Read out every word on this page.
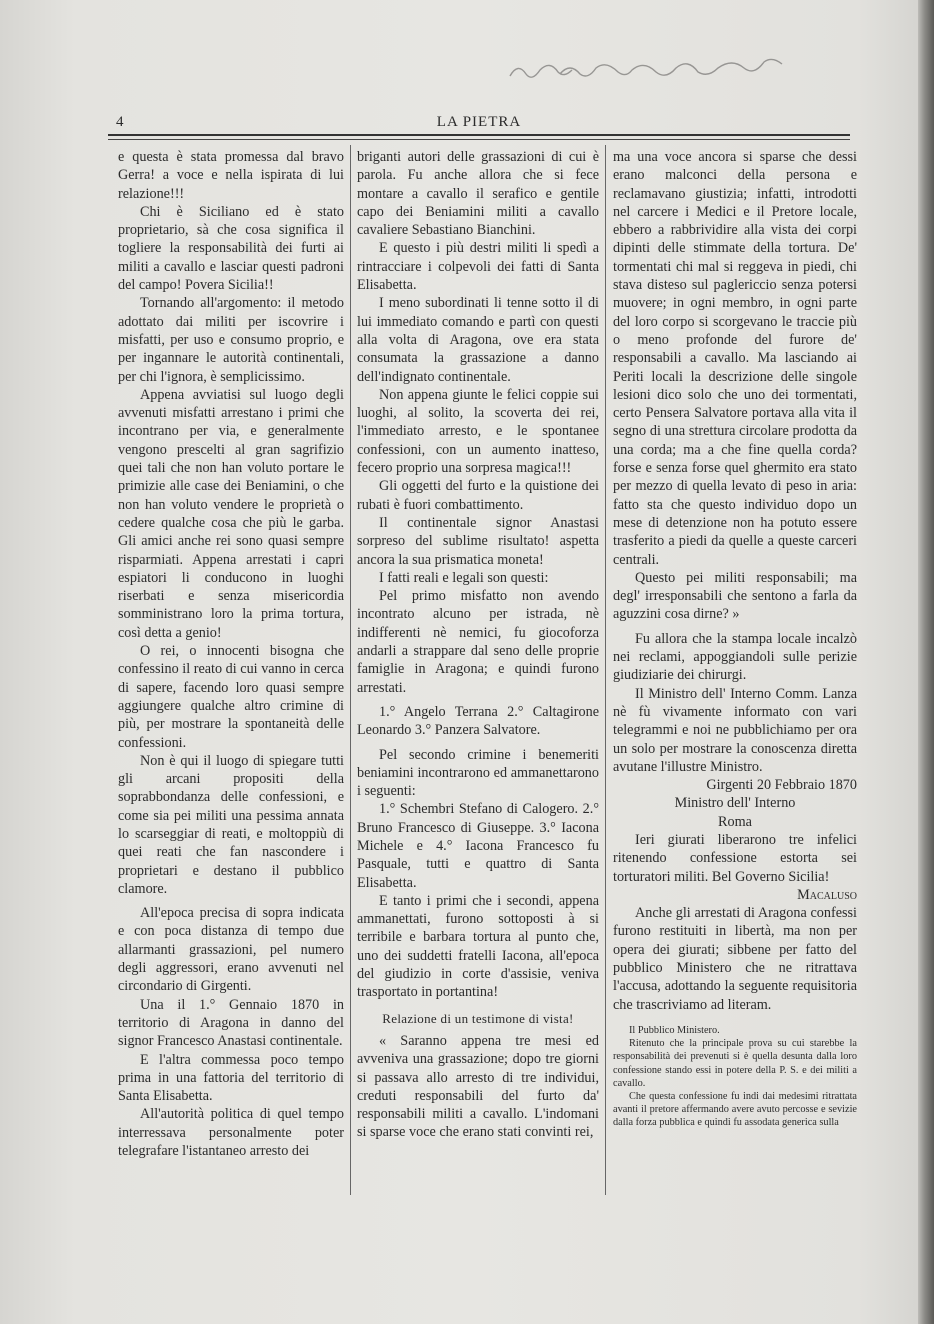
4	LA PIETRA

e questa è stata promessa dal bravo Gerra! a voce e nella ispirata di lui relazione!!!

Chi è Siciliano ed è stato proprietario, sà che cosa significa il togliere la responsabilità dei furti ai militi a cavallo e lasciar questi padroni del campo! Povera Sicilia!!

Tornando all'argomento: il metodo adottato dai militi per iscovrire i misfatti, per uso e consumo proprio, e per ingannare le autorità continentali, per chi l'ignora, è semplicissimo.

Appena avviatisi sul luogo degli avvenuti misfatti arrestano i primi che incontrano per via, e generalmente vengono prescelti al gran sagrifizio quei tali che non han voluto portare le primizie alle case dei Beniamini, o che non han voluto vendere le proprietà o cedere qualche cosa che più le garba. Gli amici anche rei sono quasi sempre risparmiati. Appena arrestati i capri espiatori li conducono in luoghi riserbati e senza misericordia somministrano loro la prima tortura, così detta a genio!

O rei, o innocenti bisogna che confessino il reato di cui vanno in cerca di sapere, facendo loro quasi sempre aggiungere qualche altro crimine di più, per mostrare la spontaneità delle confessioni.

Non è qui il luogo di spiegare tutti gli arcani propositi della soprabbondanza delle confessioni, e come sia pei militi una pessima annata lo scarseggiar di reati, e moltoppiù di quei reati che fan nascondere i proprietari e destano il pubblico clamore.

All'epoca precisa di sopra indicata e con poca distanza di tempo due allarmanti grassazioni, pel numero degli aggressori, erano avvenuti nel circondario di Girgenti.

Una il 1.° Gennaio 1870 in territorio di Aragona in danno del signor Francesco Anastasi continentale.

E l'altra commessa poco tempo prima in una fattoria del territorio di Santa Elisabetta.

All'autorità politica di quel tempo interressava personalmente poter telegrafare l'istantaneo arresto dei

briganti autori delle grassazioni di cui è parola. Fu anche allora che si fece montare a cavallo il serafico e gentile capo dei Beniamini militi a cavallo cavaliere Sebastiano Bianchini.

E questo i più destri militi li spedì a rintracciare i colpevoli dei fatti di Santa Elisabetta.

I meno subordinati li tenne sotto il di lui immediato comando e partì con questi alla volta di Aragona, ove era stata consumata la grassazione a danno dell'indignato continentale.

Non appena giunte le felici coppie sui luoghi, al solito, la scoverta dei rei, l'immediato arresto, e le spontanee confessioni, con un aumento inatteso, fecero proprio una sorpresa magica!!!

Gli oggetti del furto e la quistione dei rubati è fuori combattimento.

Il continentale signor Anastasi sorpreso del sublime risultato! aspetta ancora la sua prismatica moneta!

I fatti reali e legali son questi:

Pel primo misfatto non avendo incontrato alcuno per istrada, nè indifferenti nè nemici, fu giocoforza andarli a strappare dal seno delle proprie famiglie in Aragona; e quindi furono arrestati.

1.° Angelo Terrana 2.° Caltagirone Leonardo 3.° Panzera Salvatore.

Pel secondo crimine i benemeriti beniamini incontrarono ed ammanettarono i seguenti:

1.° Schembri Stefano di Calogero. 2.° Bruno Francesco di Giuseppe. 3.° Iacona Michele e 4.° Iacona Francesco fu Pasquale, tutti e quattro di Santa Elisabetta.

E tanto i primi che i secondi, appena ammanettati, furono sottoposti à si terribile e barbara tortura al punto che, uno dei suddetti fratelli Iacona, all'epoca del giudizio in corte d'assisie, veniva trasportato in portantina!

Relazione di un testimone di vista!

« Saranno appena tre mesi ed avveniva una grassazione; dopo tre giorni si passava allo arresto di tre individui, creduti responsabili del furto da' responsabili militi a cavallo. L'indomani si sparse voce che erano stati convinti rei,

ma una voce ancora si sparse che dessi erano malconci della persona e reclamavano giustizia; infatti, introdotti nel carcere i Medici e il Pretore locale, ebbero a rabbrividire alla vista dei corpi dipinti delle stimmate della tortura. De' tormentati chi mal si reggeva in piedi, chi stava disteso sul paglericcio senza potersi muovere; in ogni membro, in ogni parte del loro corpo si scorgevano le traccie più o meno profonde del furore de' responsabili a cavallo. Ma lasciando ai Periti locali la descrizione delle singole lesioni dico solo che uno dei tormentati, certo Pensera Salvatore portava alla vita il segno di una strettura circolare prodotta da una corda; ma a che fine quella corda? forse e senza forse quel ghermito era stato per mezzo di quella levato di peso in aria: fatto sta che questo individuo dopo un mese di detenzione non ha potuto essere trasferito a piedi da quelle a queste carceri centrali.

Questo pei militi responsabili; ma degl' irresponsabili che sentono a farla da aguzzini cosa dirne? »

Fu allora che la stampa locale incalzò nei reclami, appoggiandoli sulle perizie giudiziarie dei chirurgi.

Il Ministro dell' Interno Comm. Lanza nè fù vivamente informato con vari telegrammi e noi ne pubblichiamo per ora un solo per mostrare la conoscenza diretta avutane l'illustre Ministro.

Girgenti 20 Febbraio 1870

Ministro dell' Interno

Roma

Ieri giurati liberarono tre infelici ritenendo confessione estorta sei torturatori militi. Bel Governo Sicilia!

Macaluso

Anche gli arrestati di Aragona confessi furono restituiti in libertà, ma non per opera dei giurati; sibbene per fatto del pubblico Ministero che ne ritrattava l'accusa, adottando la seguente requisitoria che trascriviamo ad literam.

Il Pubblico Ministero.

Ritenuto che la principale prova su cui starebbe la responsabilità dei prevenuti si è quella desunta dalla loro confessione stando essi in potere della P. S. e dei militi a cavallo.

Che questa confessione fu indi dai medesimi ritrattata avanti il pretore affermando avere avuto percosse e sevizie dalla forza pubblica e quindi fu assodata generica sulla
